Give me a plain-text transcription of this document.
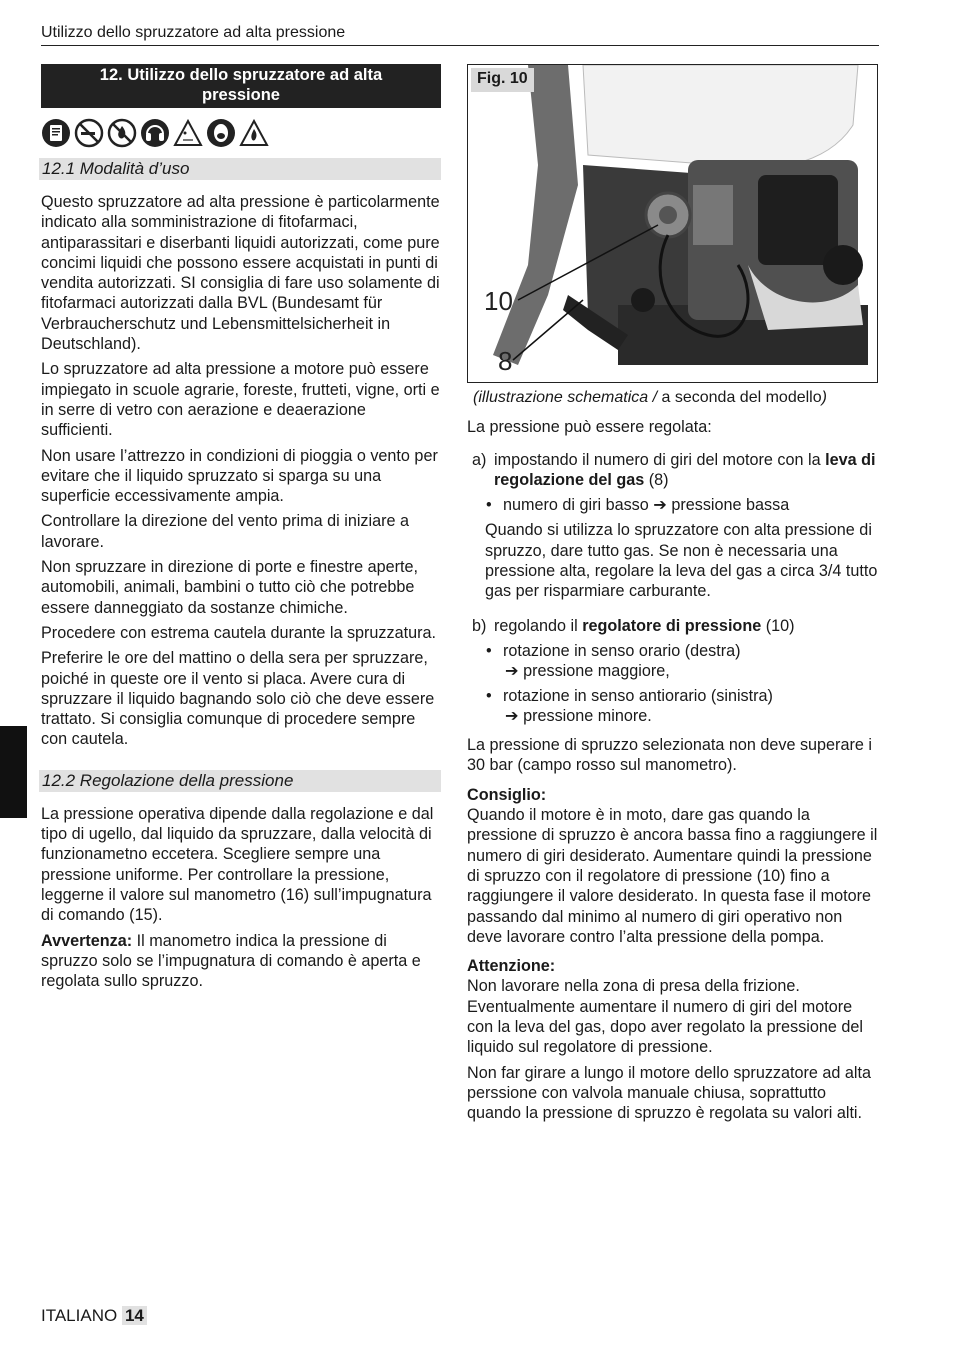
Utilizzo dello spruzzatore ad alta pressione
12. Utilizzo dello spruzzatore ad alta
pressione
12.1 Modalità d’uso

Questo spruzzatore ad alta pressione è particolarmente indicato alla somministrazione di fitofarmaci, antiparassitari e diserbanti liquidi autorizzati, come pure concimi liquidi che possono essere acquistati in punti di vendita autorizzati. SI consiglia di fare uso solamente di fitofarmaci autorizzati dalla BVL (Bundesamt für Verbraucherschutz und Lebensmittelsicherheit in Deutschland).

Lo spruzzatore ad alta pressione a motore può essere impiegato in scuole agrarie, foreste, frutteti, vigne, orti e in serre di vetro con aerazione e deaerazione sufficienti.

Non usare l’attrezzo in condizioni di pioggia o vento per evitare che il liquido spruzzato si sparga su una superficie eccessivamente ampia.

Controllare la direzione del vento prima di iniziare a lavorare.

Non spruzzare in direzione di porte e finestre aperte, automobili, animali, bambini o tutto ciò che potrebbe essere danneggiato da sostanze chimiche.

Procedere con estrema cautela durante la spruzzatura.

Preferire le ore del mattino o della sera per spruzzare, poiché in queste ore il vento si placa. Avere cura di spruzzare il liquido bagnando solo ciò che deve essere trattato. Si consiglia comunque di procedere sempre con cautela.

12.2 Regolazione della pressione

La pressione operativa dipende dalla regolazione e dal tipo di ugello, dal liquido da spruzzare, dalla velocità di funzionametno eccetera. Scegliere sempre una pressione uniforme. Per controllare la pressione, leggerne il valore sul manometro (16) sull’impugnatura di comando (15).

Avvertenza: Il manometro indica la pressione di spruzzo solo se l’impugnatura di comando è aperta e regolata sullo spruzzo.

Fig. 10
10
8
(illustrazione schematica / a seconda del modello)

La pressione può essere regolata:

a) impostando il numero di giri del motore con la leva di regolazione del gas (8)
• numero di giri basso ➔ pressione bassa

Quando si utilizza lo spruzzatore con alta pressione di spruzzo, dare tutto gas. Se non è necessaria una pressione alta, regolare la leva del gas a circa 3/4 tutto gas per risparmiare carburante.

b) regolando il regolatore di pressione (10)
• rotazione in senso orario (destra)
➔ pressione maggiore,
• rotazione in senso antiorario (sinistra)
➔ pressione minore.

La pressione di spruzzo selezionata non deve superare i 30 bar (campo rosso sul manometro).

Consiglio:

Quando il motore è in moto, dare gas quando la pressione di spruzzo è ancora bassa fino a raggiungere il numero di giri desiderato. Aumentare quindi la pressione di spruzzo con il regolatore di pressione (10) fino a raggiungere il valore desiderato. In questa fase il motore passando dal minimo al numero di giri operativo non deve lavorare contro l’alta pressione della pompa.

Attenzione:

Non lavorare nella zona di presa della frizione. Eventualmente aumentare il numero di giri del motore con la leva del gas, dopo aver regolato la pressione del liquido sul regolatore di pressione.

Non far girare a lungo il motore dello spruzzatore ad alta perssione con valvola manuale chiusa, soprattutto quando la pressione di spruzzo è regolata su valori alti.

ITALIANO 14
